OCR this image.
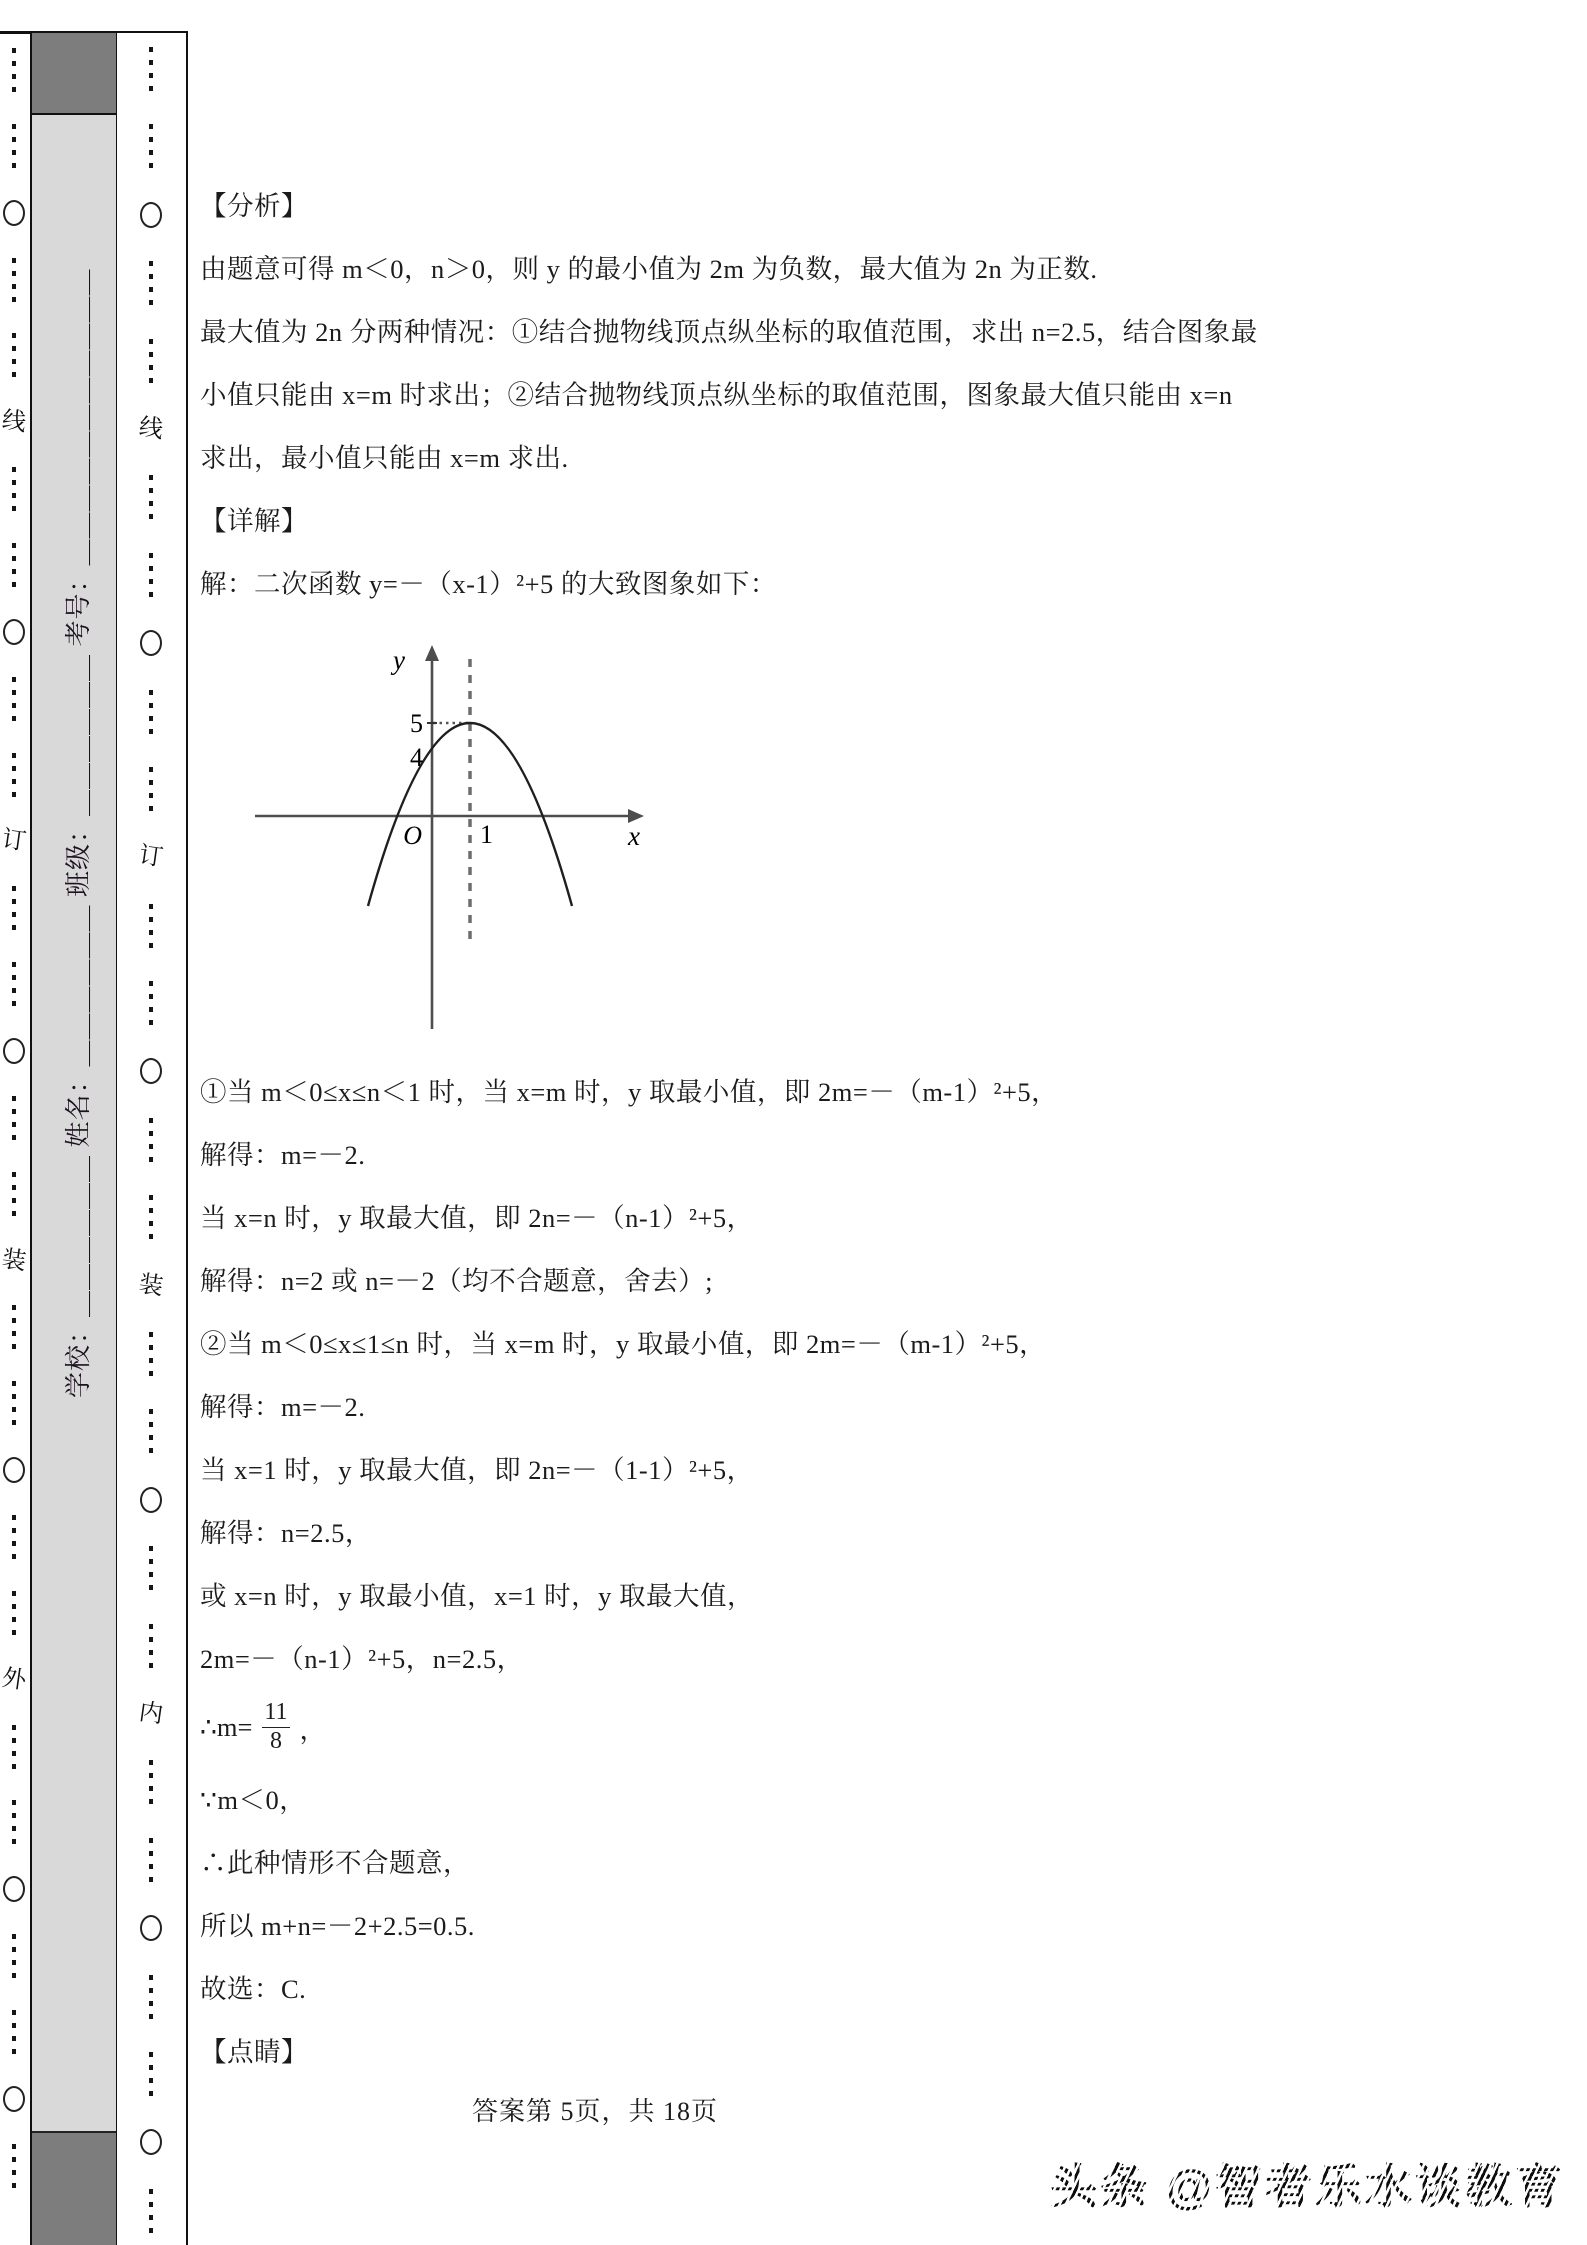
线
订
装
外
学校：＿＿＿＿＿＿ 姓名：＿＿＿＿＿＿ 班级：＿＿＿＿＿＿ 考号：＿＿＿＿＿＿＿＿＿＿＿ 线
订
装
内
【分析】
由题意可得 m＜0，n＞0，则 y 的最小值为 2m 为负数，最大值为 2n 为正数.
最大值为 2n 分两种情况：①结合抛物线顶点纵坐标的取值范围，求出 n=2.5，结合图象最
小值只能由 x=m 时求出；②结合抛物线顶点纵坐标的取值范围，图象最大值只能由 x=n
求出，最小值只能由 x=m 求出.
【详解】
解：二次函数 y=－（x-1）²+5 的大致图象如下：
y
x
O 1
5
4
①当 m＜0≤x≤n＜1 时，当 x=m 时，y 取最小值，即 2m=－（m-1）²+5，
解得：m=－2.
当 x=n 时，y 取最大值，即 2n=－（n-1）²+5，
解得：n=2 或 n=－2（均不合题意，舍去）;
②当 m＜0≤x≤1≤n 时，当 x=m 时，y 取最小值，即 2m=－（m-1）²+5，
解得：m=－2.
当 x=1 时，y 取最大值，即 2n=－（1-1）²+5，
解得：n=2.5，
或 x=n 时，y 取最小值，x=1 时，y 取最大值，
2m=－（n-1）²+5，n=2.5，
∴m= $\frac{11}{8}$ ，
∵m＜0，
∴此种情形不合题意，
所以 m+n=－2+2.5=0.5.
故选：C.
【点睛】
答案第 5页，共 18页
头条 @智者乐水谈教育
